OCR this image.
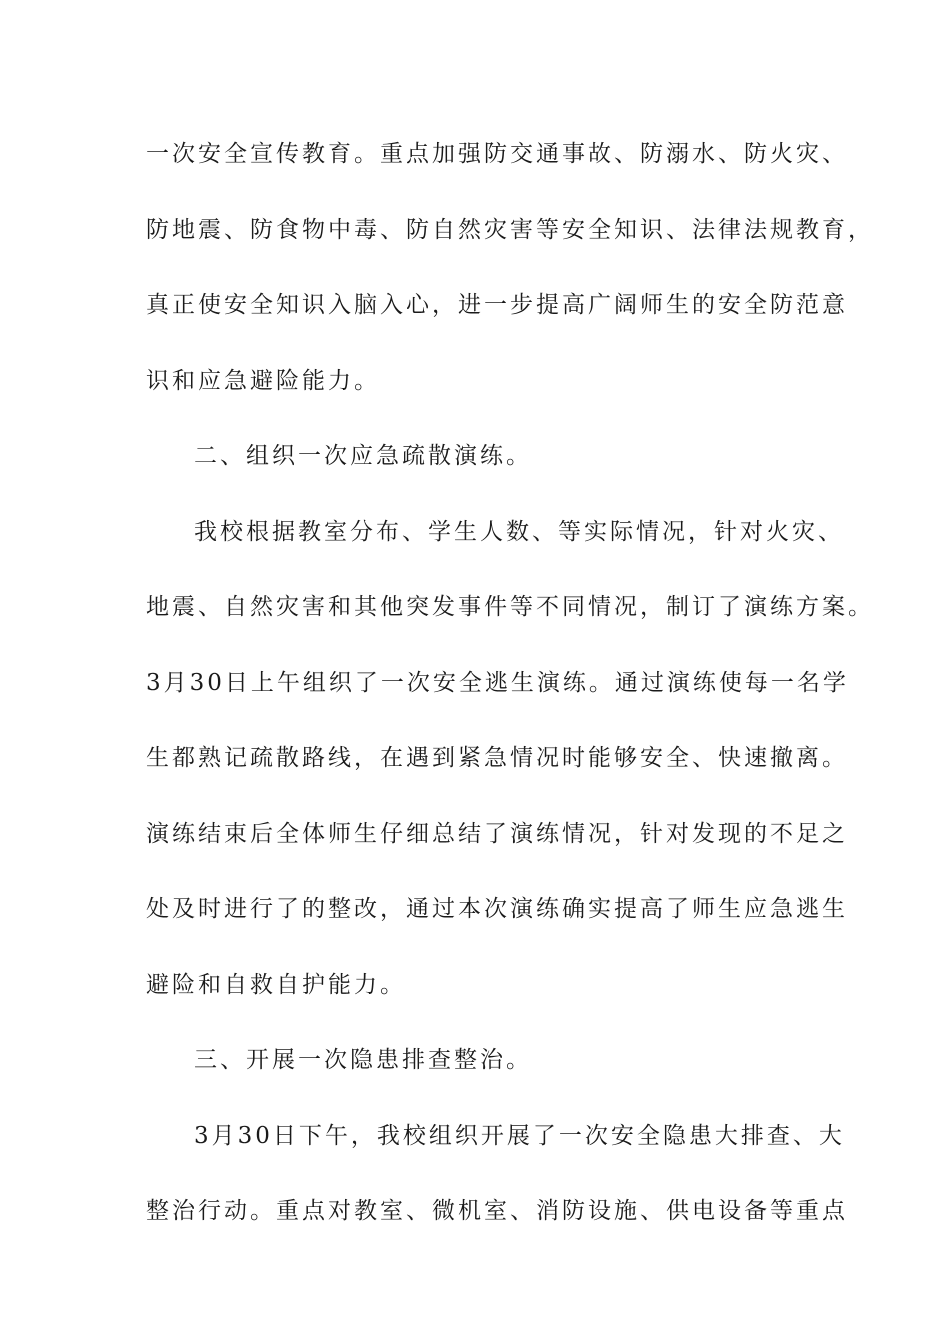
一次安全宣传教育。重点加强防交通事故、防溺水、防火灾、
防地震、防食物中毒、防自然灾害等安全知识、法律法规教育，
真正使安全知识入脑入心，进一步提高广阔师生的安全防范意
识和应急避险能力。
二、组织一次应急疏散演练。
我校根据教室分布、学生人数、等实际情况，针对火灾、
地震、自然灾害和其他突发事件等不同情况，制订了演练方案。
3月30日上午组织了一次安全逃生演练。通过演练使每一名学
生都熟记疏散路线，在遇到紧急情况时能够安全、快速撤离。
演练结束后全体师生仔细总结了演练情况，针对发现的不足之
处及时进行了的整改，通过本次演练确实提高了师生应急逃生
避险和自救自护能力。
三、开展一次隐患排查整治。
3月30日下午，我校组织开展了一次安全隐患大排查、大
整治行动。重点对教室、微机室、消防设施、供电设备等重点
